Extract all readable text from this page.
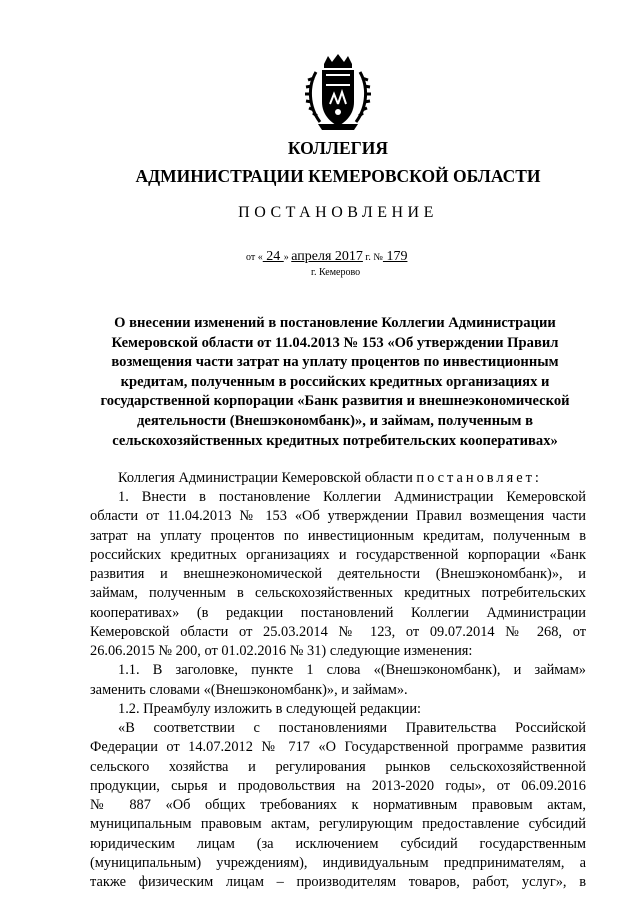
КОЛЛЕГИЯ
АДМИНИСТРАЦИИ КЕМЕРОВСКОЙ ОБЛАСТИ
ПОСТАНОВЛЕНИЕ
от « 24 » апреля 2017 г. № 179
г. Кемерово
О внесении изменений в постановление Коллегии Администрации
Кемеровской области от 11.04.2013 № 153 «Об утверждении Правил
возмещения части затрат на уплату процентов по инвестиционным
кредитам, полученным в российских кредитных организациях и
государственной корпорации «Банк развития и внешнеэкономической
деятельности (Внешэкономбанк)», и займам, полученным в
сельскохозяйственных кредитных потребительских кооперативах»
Коллегия Администрации Кемеровской области постановляет:
1. Внести в постановление Коллегии Администрации Кемеровской
области от 11.04.2013 № 153 «Об утверждении Правил возмещения части
затрат на уплату процентов по инвестиционным кредитам, полученным в
российских кредитных организациях и государственной корпорации «Банк
развития и внешнеэкономической деятельности (Внешэкономбанк)», и
займам, полученным в сельскохозяйственных кредитных потребительских
кооперативах» (в редакции постановлений Коллегии Администрации
Кемеровской области от 25.03.2014 № 123, от 09.07.2014 № 268, от
26.06.2015 № 200, от 01.02.2016 № 31) следующие изменения:
1.1. В заголовке, пункте 1 слова «(Внешэкономбанк), и займам»
заменить словами «(Внешэкономбанк)», и займам».
1.2. Преамбулу изложить в следующей редакции:
«В соответствии с постановлениями Правительства Российской
Федерации от 14.07.2012 № 717 «О Государственной программе развития
сельского хозяйства и регулирования рынков сельскохозяйственной
продукции, сырья и продовольствия на 2013-2020 годы», от 06.09.2016
№ 887 «Об общих требованиях к нормативным правовым актам,
муниципальным правовым актам, регулирующим предоставление субсидий
юридическим лицам (за исключением субсидий государственным
(муниципальным) учреждениям), индивидуальным предпринимателям, а
также физическим лицам – производителям товаров, работ, услуг», в
